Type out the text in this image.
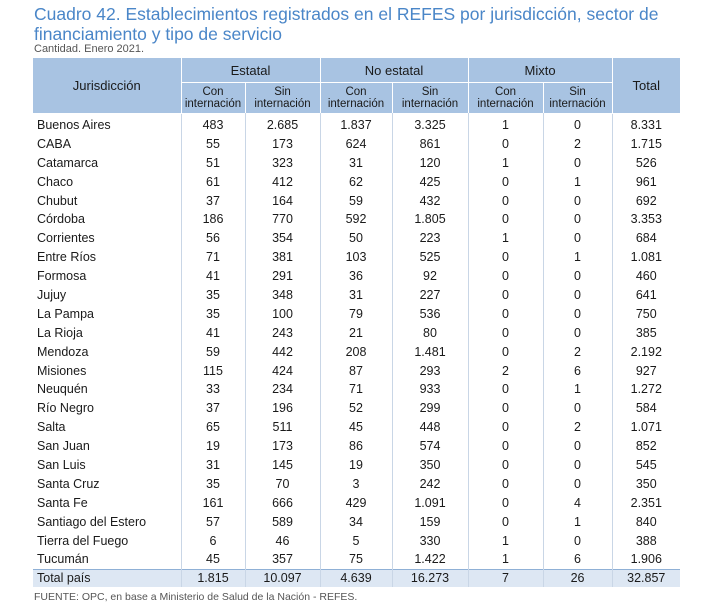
Cuadro 42. Establecimientos registrados en el REFES por jurisdicción, sector de financiamiento y tipo de servicio
Cantidad. Enero 2021.
Jurisdicción	Estatal		No estatal		Mixto		Total
	Con internación	Sin internación	Con internación	Sin internación	Con internación	Sin internación	
Buenos Aires	483	2.685	1.837	3.325	1	0	8.331
CABA	55	173	624	861	0	2	1.715
Catamarca	51	323	31	120	1	0	526
Chaco	61	412	62	425	0	1	961
Chubut	37	164	59	432	0	0	692
Córdoba	186	770	592	1.805	0	0	3.353
Corrientes	56	354	50	223	1	0	684
Entre Ríos	71	381	103	525	0	1	1.081
Formosa	41	291	36	92	0	0	460
Jujuy	35	348	31	227	0	0	641
La Pampa	35	100	79	536	0	0	750
La Rioja	41	243	21	80	0	0	385
Mendoza	59	442	208	1.481	0	2	2.192
Misiones	115	424	87	293	2	6	927
Neuquén	33	234	71	933	0	1	1.272
Río Negro	37	196	52	299	0	0	584
Salta	65	511	45	448	0	2	1.071
San Juan	19	173	86	574	0	0	852
San Luis	31	145	19	350	0	0	545
Santa Cruz	35	70	3	242	0	0	350
Santa Fe	161	666	429	1.091	0	4	2.351
Santiago del Estero	57	589	34	159	0	1	840
Tierra del Fuego	6	46	5	330	1	0	388
Tucumán	45	357	75	1.422	1	6	1.906
Total país	1.815	10.097	4.639	16.273	7	26	32.857
FUENTE: OPC, en base a Ministerio de Salud de la Nación - REFES.
